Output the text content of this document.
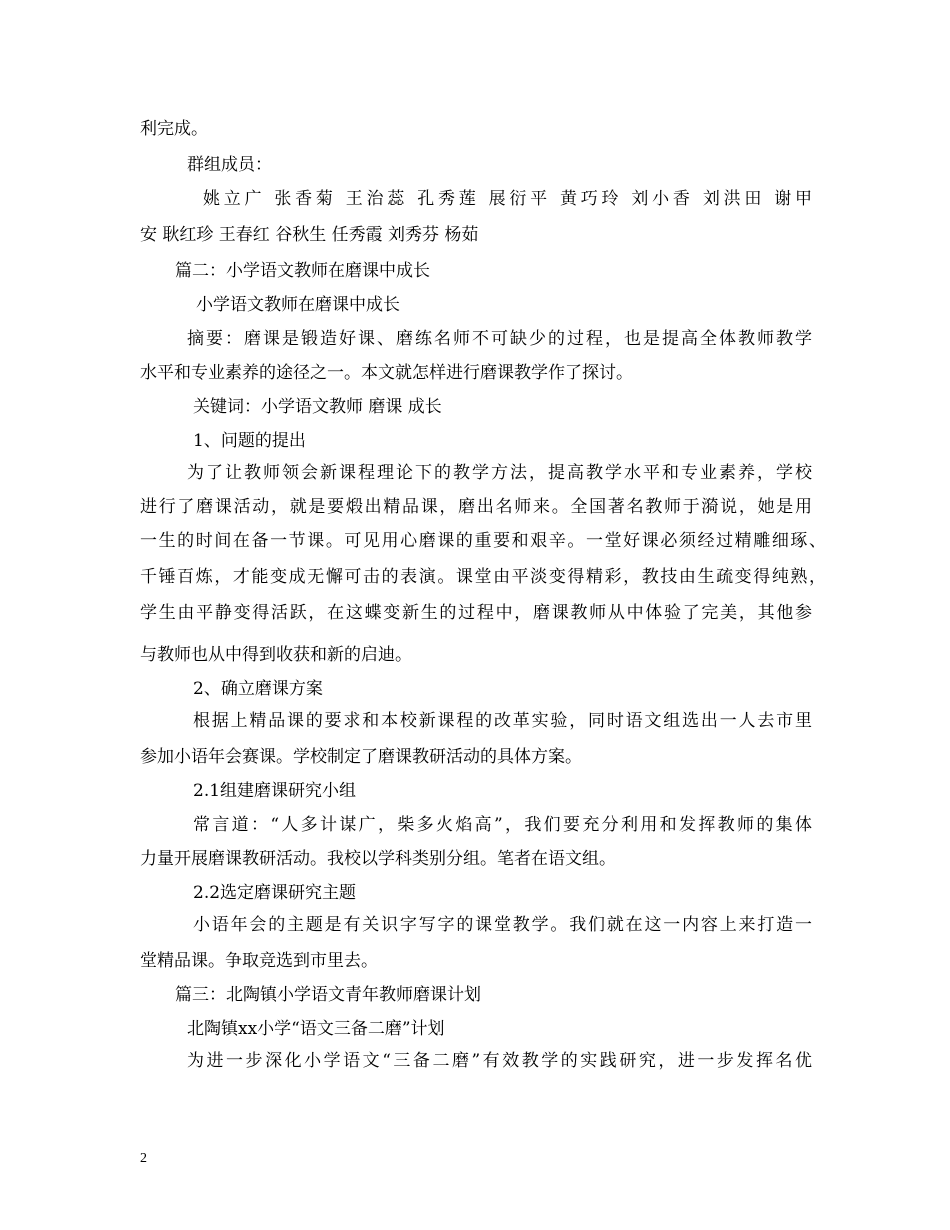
利完成。
群组成员：
姚立广 张香菊 王治蕊 孔秀莲 展衍平 黄巧玲 刘小香 刘洪田 谢甲
安 耿红珍 王春红 谷秋生 任秀霞 刘秀芬 杨茹
篇二：小学语文教师在磨课中成长
小学语文教师在磨课中成长
摘要：磨课是锻造好课、磨练名师不可缺少的过程，也是提高全体教师教学
水平和专业素养的途径之一。本文就怎样进行磨课教学作了探讨。
关键词：小学语文教师 磨课 成长
1、问题的提出
为了让教师领会新课程理论下的教学方法，提高教学水平和专业素养，学校
进行了磨课活动，就是要煅出精品课，磨出名师来。全国著名教师于漪说，她是用
一生的时间在备一节课。可见用心磨课的重要和艰辛。一堂好课必须经过精雕细琢、
千锤百炼，才能变成无懈可击的表演。课堂由平淡变得精彩，教技由生疏变得纯熟，
学生由平静变得活跃，在这蝶变新生的过程中，磨课教师从中体验了完美，其他参
与教师也从中得到收获和新的启迪。
2、确立磨课方案
根据上精品课的要求和本校新课程的改革实验，同时语文组选出一人去市里
参加小语年会赛课。学校制定了磨课教研活动的具体方案。
2.1组建磨课研究小组
常言道：“人多计谋广，柴多火焰高”，我们要充分利用和发挥教师的集体
力量开展磨课教研活动。我校以学科类别分组。笔者在语文组。
2.2选定磨课研究主题
小语年会的主题是有关识字写字的课堂教学。我们就在这一内容上来打造一
堂精品课。争取竞选到市里去。
篇三：北陶镇小学语文青年教师磨课计划
北陶镇xx小学“语文三备二磨”计划
为进一步深化小学语文“三备二磨”有效教学的实践研究，进一步发挥名优
2
